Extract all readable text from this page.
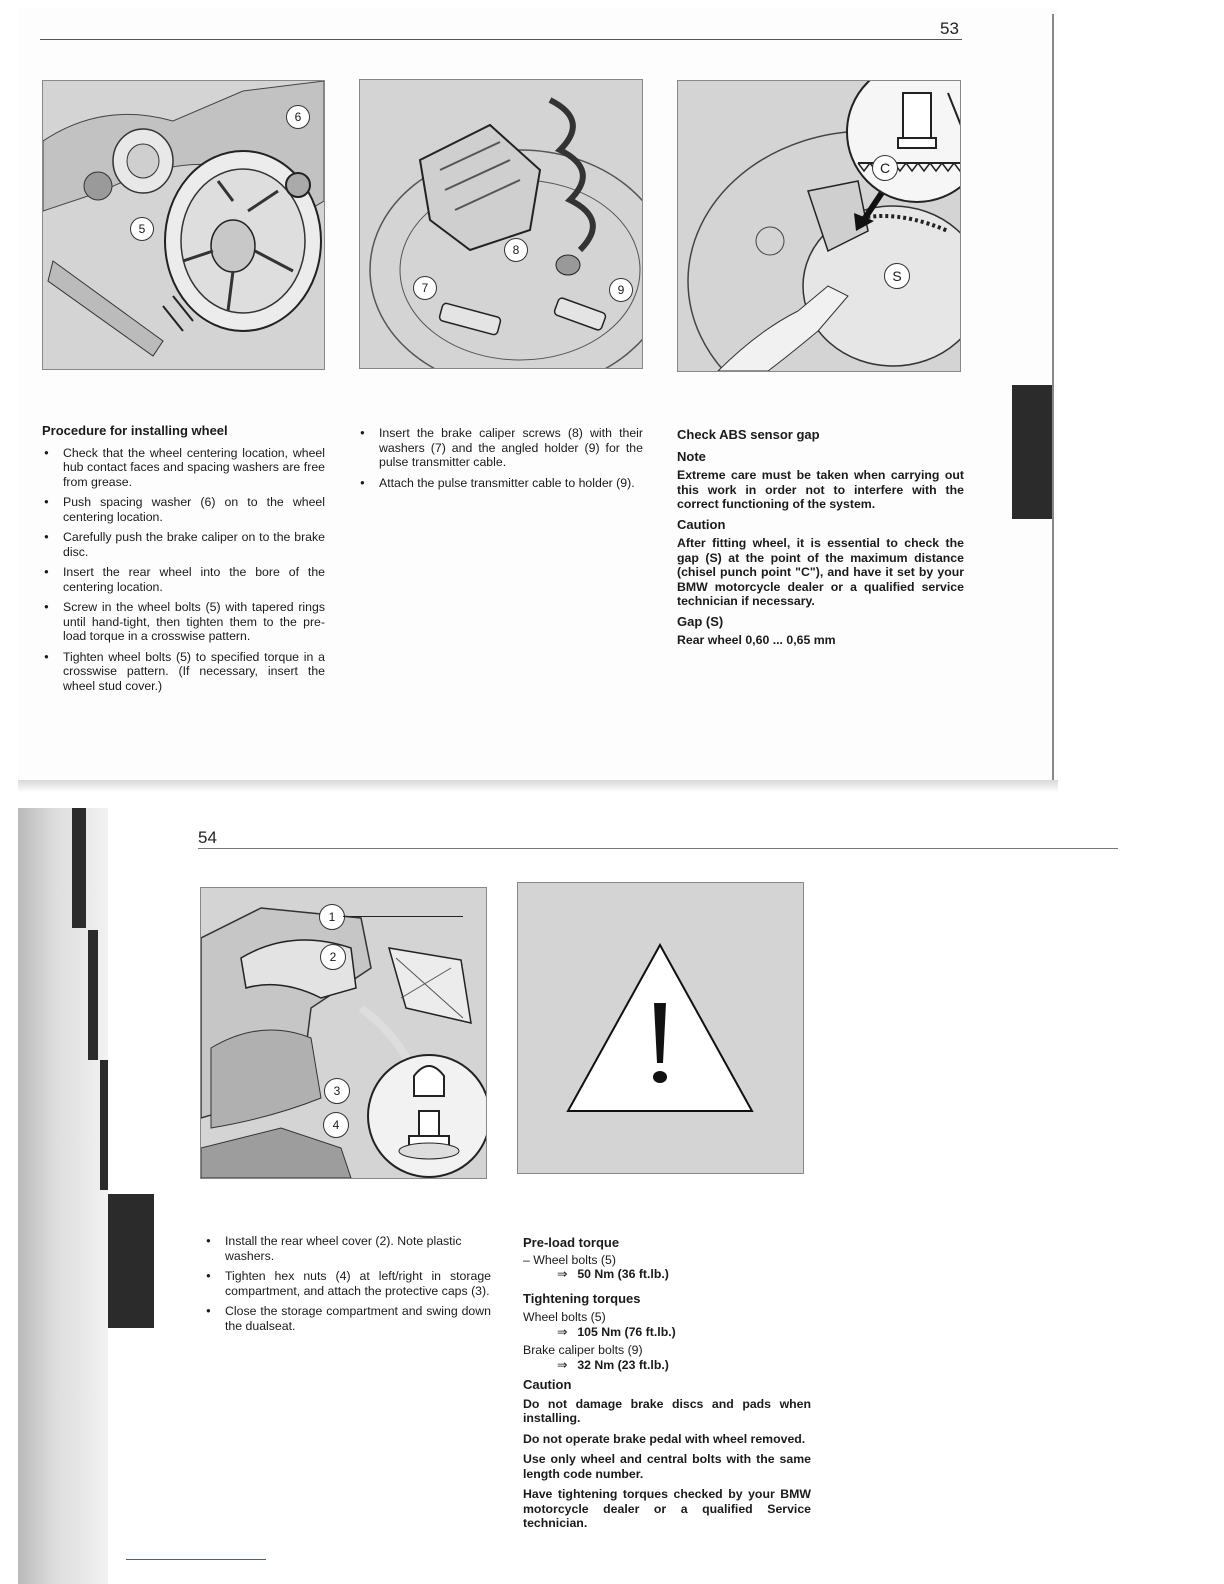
53
6
5
8
7	9
C
S
Procedure for installing wheel
● Check that the wheel centering location, wheel hub contact faces and spacing washers are free from grease.
● Push spacing washer (6) on to the wheel centering location.
● Carefully push the brake caliper on to the brake disc.
● Insert the rear wheel into the bore of the centering location.
● Screw in the wheel bolts (5) with tapered rings until hand-tight, then tighten them to the pre-load torque in a crosswise pattern.
● Tighten wheel bolts (5) to specified torque in a crosswise pattern. (If necessary, insert the wheel stud cover.)
● Insert the brake caliper screws (8) with their washers (7) and the angled holder (9) for the pulse transmitter cable.
● Attach the pulse transmitter cable to holder (9).
Check ABS sensor gap
Note

Extreme care must be taken when carrying out this work in order not to interfere with the correct functioning of the system.

Caution

After fitting wheel, it is essential to check the gap (S) at the point of the maximum distance (chisel punch point "C"), and have it set by your BMW motorcycle dealer or a qualified service technician if necessary.

Gap (S)

Rear wheel 0,60 ... 0,65 mm

54
1
2
3
4
● Install the rear wheel cover (2). Note plastic washers.
● Tighten hex nuts (4) at left/right in storage compartment, and attach the protective caps (3).
● Close the storage compartment and swing down the dualseat.
Pre-load torque

– Wheel bolts (5)

⇒ 50 Nm (36 ft.lb.)

Tightening torques

Wheel bolts (5)

⇒ 105 Nm (76 ft.lb.)

Brake caliper bolts (9)

⇒ 32 Nm (23 ft.lb.)

Caution

Do not damage brake discs and pads when installing.

Do not operate brake pedal with wheel removed.

Use only wheel and central bolts with the same length code number.

Have tightening torques checked by your BMW motorcycle dealer or a qualified Service technician.
